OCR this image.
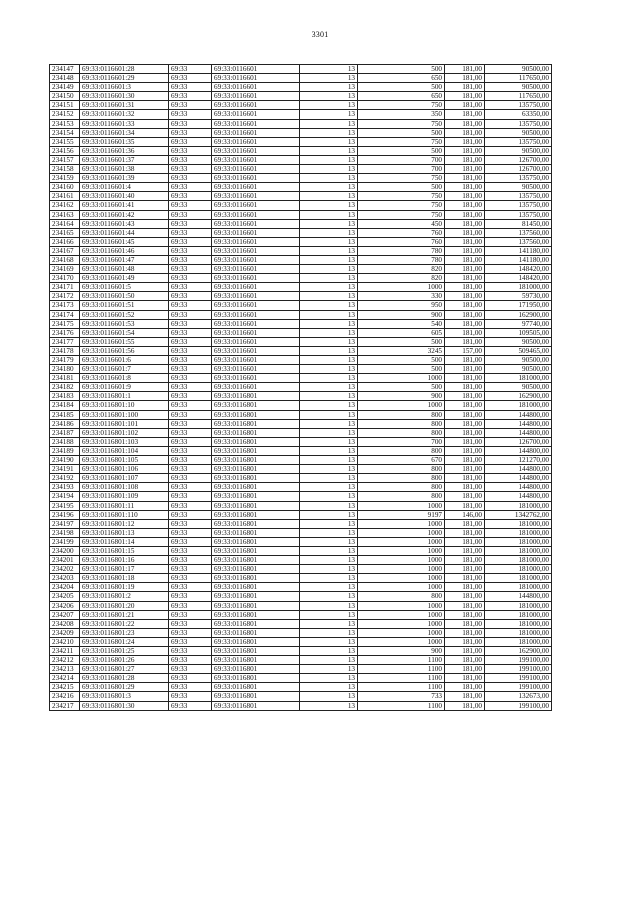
3301
234147	69:33:0116601:28	69:33	69:33:0116601	13	500	181,00	90500,00
234148	69:33:0116601:29	69:33	69:33:0116601	13	650	181,00	117650,00
234149	69:33:0116601:3	69:33	69:33:0116601	13	500	181,00	90500,00
234150	69:33:0116601:30	69:33	69:33:0116601	13	650	181,00	117650,00
234151	69:33:0116601:31	69:33	69:33:0116601	13	750	181,00	135750,00
234152	69:33:0116601:32	69:33	69:33:0116601	13	350	181,00	63350,00
234153	69:33:0116601:33	69:33	69:33:0116601	13	750	181,00	135750,00
234154	69:33:0116601:34	69:33	69:33:0116601	13	500	181,00	90500,00
234155	69:33:0116601:35	69:33	69:33:0116601	13	750	181,00	135750,00
234156	69:33:0116601:36	69:33	69:33:0116601	13	500	181,00	90500,00
234157	69:33:0116601:37	69:33	69:33:0116601	13	700	181,00	126700,00
234158	69:33:0116601:38	69:33	69:33:0116601	13	700	181,00	126700,00
234159	69:33:0116601:39	69:33	69:33:0116601	13	750	181,00	135750,00
234160	69:33:0116601:4	69:33	69:33:0116601	13	500	181,00	90500,00
234161	69:33:0116601:40	69:33	69:33:0116601	13	750	181,00	135750,00
234162	69:33:0116601:41	69:33	69:33:0116601	13	750	181,00	135750,00
234163	69:33:0116601:42	69:33	69:33:0116601	13	750	181,00	135750,00
234164	69:33:0116601:43	69:33	69:33:0116601	13	450	181,00	81450,00
234165	69:33:0116601:44	69:33	69:33:0116601	13	760	181,00	137560,00
234166	69:33:0116601:45	69:33	69:33:0116601	13	760	181,00	137560,00
234167	69:33:0116601:46	69:33	69:33:0116601	13	780	181,00	141180,00
234168	69:33:0116601:47	69:33	69:33:0116601	13	780	181,00	141180,00
234169	69:33:0116601:48	69:33	69:33:0116601	13	820	181,00	148420,00
234170	69:33:0116601:49	69:33	69:33:0116601	13	820	181,00	148420,00
234171	69:33:0116601:5	69:33	69:33:0116601	13	1000	181,00	181000,00
234172	69:33:0116601:50	69:33	69:33:0116601	13	330	181,00	59730,00
234173	69:33:0116601:51	69:33	69:33:0116601	13	950	181,00	171950,00
234174	69:33:0116601:52	69:33	69:33:0116601	13	900	181,00	162900,00
234175	69:33:0116601:53	69:33	69:33:0116601	13	540	181,00	97740,00
234176	69:33:0116601:54	69:33	69:33:0116601	13	605	181,00	109505,00
234177	69:33:0116601:55	69:33	69:33:0116601	13	500	181,00	90500,00
234178	69:33:0116601:56	69:33	69:33:0116601	13	3245	157,00	509465,00
234179	69:33:0116601:6	69:33	69:33:0116601	13	500	181,00	90500,00
234180	69:33:0116601:7	69:33	69:33:0116601	13	500	181,00	90500,00
234181	69:33:0116601:8	69:33	69:33:0116601	13	1000	181,00	181000,00
234182	69:33:0116601:9	69:33	69:33:0116601	13	500	181,00	90500,00
234183	69:33:0116801:1	69:33	69:33:0116801	13	900	181,00	162900,00
234184	69:33:0116801:10	69:33	69:33:0116801	13	1000	181,00	181000,00
234185	69:33:0116801:100	69:33	69:33:0116801	13	800	181,00	144800,00
234186	69:33:0116801:101	69:33	69:33:0116801	13	800	181,00	144800,00
234187	69:33:0116801:102	69:33	69:33:0116801	13	800	181,00	144800,00
234188	69:33:0116801:103	69:33	69:33:0116801	13	700	181,00	126700,00
234189	69:33:0116801:104	69:33	69:33:0116801	13	800	181,00	144800,00
234190	69:33:0116801:105	69:33	69:33:0116801	13	670	181,00	121270,00
234191	69:33:0116801:106	69:33	69:33:0116801	13	800	181,00	144800,00
234192	69:33:0116801:107	69:33	69:33:0116801	13	800	181,00	144800,00
234193	69:33:0116801:108	69:33	69:33:0116801	13	800	181,00	144800,00
234194	69:33:0116801:109	69:33	69:33:0116801	13	800	181,00	144800,00
234195	69:33:0116801:11	69:33	69:33:0116801	13	1000	181,00	181000,00
234196	69:33:0116801:110	69:33	69:33:0116801	13	9197	146,00	1342762,00
234197	69:33:0116801:12	69:33	69:33:0116801	13	1000	181,00	181000,00
234198	69:33:0116801:13	69:33	69:33:0116801	13	1000	181,00	181000,00
234199	69:33:0116801:14	69:33	69:33:0116801	13	1000	181,00	181000,00
234200	69:33:0116801:15	69:33	69:33:0116801	13	1000	181,00	181000,00
234201	69:33:0116801:16	69:33	69:33:0116801	13	1000	181,00	181000,00
234202	69:33:0116801:17	69:33	69:33:0116801	13	1000	181,00	181000,00
234203	69:33:0116801:18	69:33	69:33:0116801	13	1000	181,00	181000,00
234204	69:33:0116801:19	69:33	69:33:0116801	13	1000	181,00	181000,00
234205	69:33:0116801:2	69:33	69:33:0116801	13	800	181,00	144800,00
234206	69:33:0116801:20	69:33	69:33:0116801	13	1000	181,00	181000,00
234207	69:33:0116801:21	69:33	69:33:0116801	13	1000	181,00	181000,00
234208	69:33:0116801:22	69:33	69:33:0116801	13	1000	181,00	181000,00
234209	69:33:0116801:23	69:33	69:33:0116801	13	1000	181,00	181000,00
234210	69:33:0116801:24	69:33	69:33:0116801	13	1000	181,00	181000,00
234211	69:33:0116801:25	69:33	69:33:0116801	13	900	181,00	162900,00
234212	69:33:0116801:26	69:33	69:33:0116801	13	1100	181,00	199100,00
234213	69:33:0116801:27	69:33	69:33:0116801	13	1100	181,00	199100,00
234214	69:33:0116801:28	69:33	69:33:0116801	13	1100	181,00	199100,00
234215	69:33:0116801:29	69:33	69:33:0116801	13	1100	181,00	199100,00
234216	69:33:0116801:3	69:33	69:33:0116801	13	733	181,00	132673,00
234217	69:33:0116801:30	69:33	69:33:0116801	13	1100	181,00	199100,00
